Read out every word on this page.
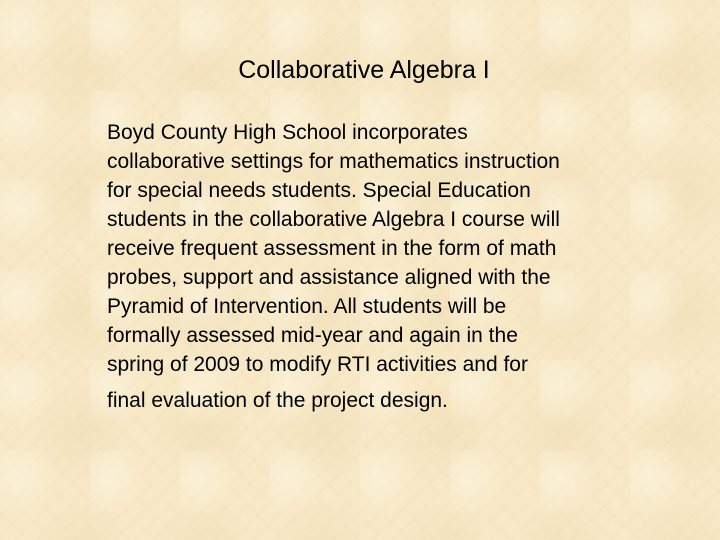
Collaborative Algebra I
Boyd County High School incorporates
collaborative settings for mathematics instruction
for special needs students. Special Education
students in the collaborative Algebra I course will
receive frequent assessment in the form of math
probes, support and assistance aligned with the
Pyramid of Intervention. All students will be
formally assessed mid-year and again in the
spring of 2009 to modify RTI activities and for
final evaluation of the project design.
